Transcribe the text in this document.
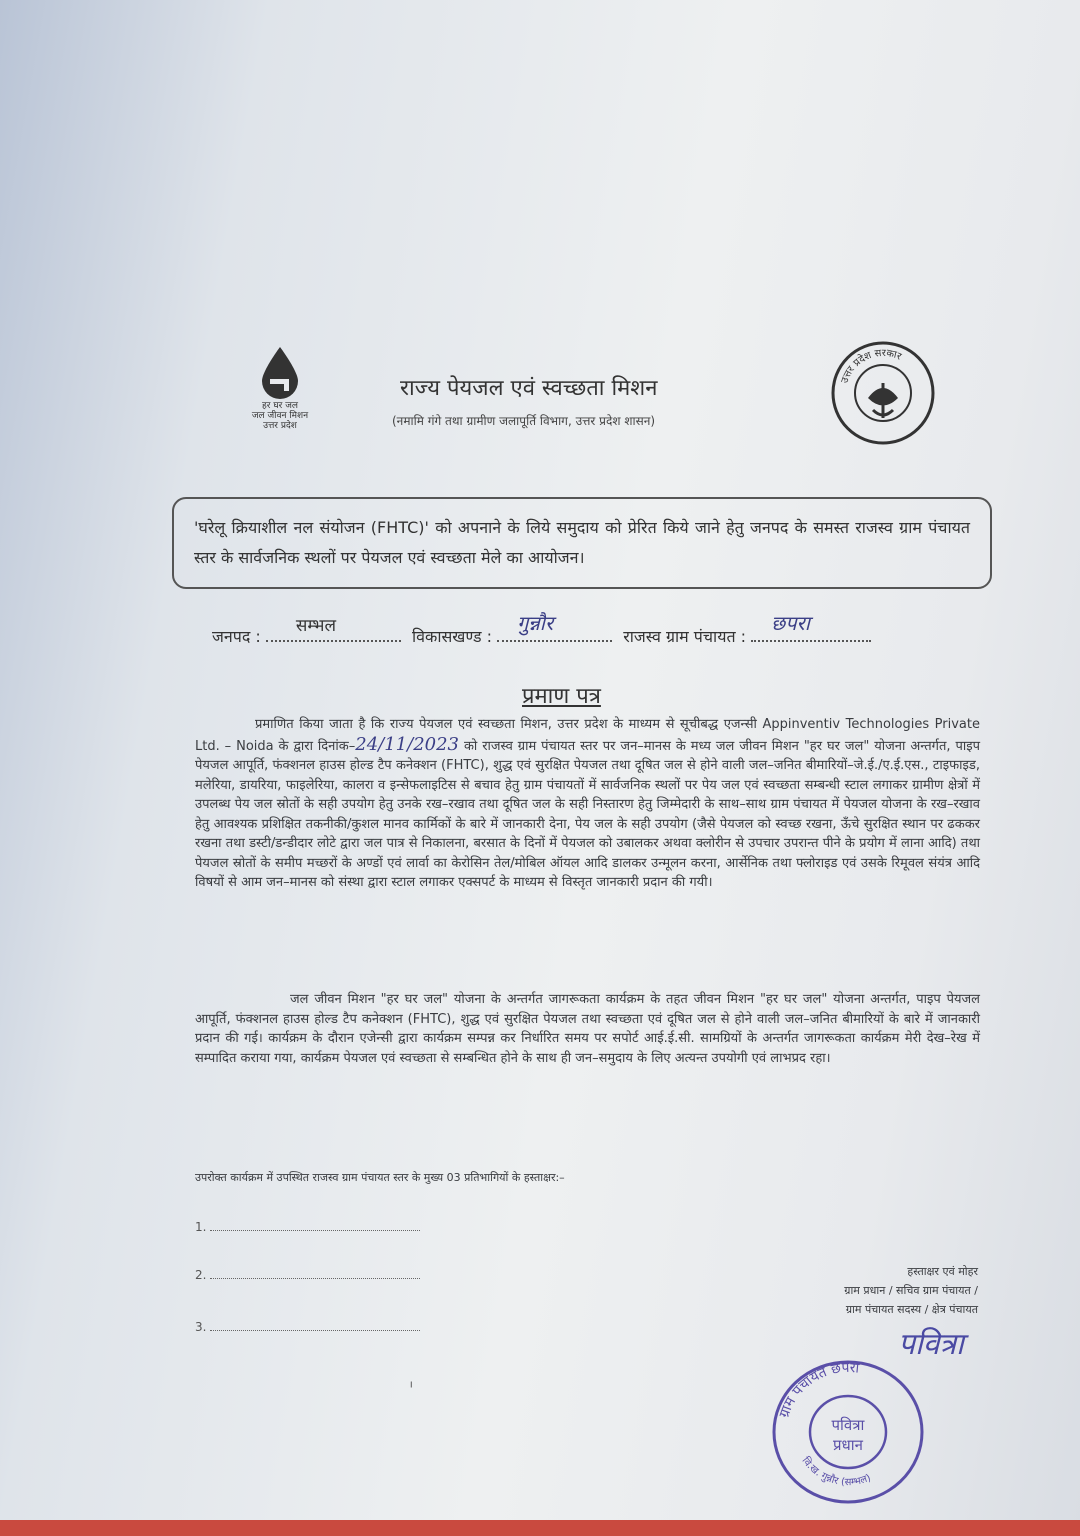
हर घर जल
जल जीवन मिशन
उत्तर प्रदेश
राज्य पेयजल एवं स्वच्छता मिशन
(नमामि गंगे तथा ग्रामीण जलापूर्ति विभाग, उत्तर प्रदेश शासन)
उत्तर प्रदेश सरकार
'घरेलू क्रियाशील नल संयोजन (FHTC)' को अपनाने के लिये समुदाय को प्रेरित किये जाने हेतु जनपद के समस्त राजस्व ग्राम पंचायत स्तर के सार्वजनिक स्थलों पर पेयजल एवं स्वच्छता मेले का आयोजन।
जनपद :
सम्भल
विकासखण्ड :
गुन्नौर
राजस्व ग्राम पंचायत :
छपरा
प्रमाण पत्र
प्रमाणित किया जाता है कि राज्य पेयजल एवं स्वच्छता मिशन, उत्तर प्रदेश के माध्यम से सूचीबद्ध एजन्सी Appinventiv Technologies Private Ltd. – Noida के द्वारा दिनांक–24/11/2023 को राजस्व ग्राम पंचायत स्तर पर जन–मानस के मध्य जल जीवन मिशन "हर घर जल" योजना अन्तर्गत, पाइप पेयजल आपूर्ति, फंक्शनल हाउस होल्ड टैप कनेक्शन (FHTC), शुद्ध एवं सुरक्षित पेयजल तथा दूषित जल से होने वाली जल–जनित बीमारियों–जे.ई./ए.ई.एस., टाइफाइड, मलेरिया, डायरिया, फाइलेरिया, कालरा व इन्सेफलाइटिस से बचाव हेतु ग्राम पंचायतों में सार्वजनिक स्थलों पर पेय जल एवं स्वच्छता सम्बन्धी स्टाल लगाकर ग्रामीण क्षेत्रों में उपलब्ध पेय जल स्रोतों के सही उपयोग हेतु उनके रख–रखाव तथा दूषित जल के सही निस्तारण हेतु जिम्मेदारी के साथ–साथ ग्राम पंचायत में पेयजल योजना के रख–रखाव हेतु आवश्यक प्रशिक्षित तकनीकी/कुशल मानव कार्मिकों के बारे में जानकारी देना, पेय जल के सही उपयोग (जैसे पेयजल को स्वच्छ रखना, ऊँचे सुरक्षित स्थान पर ढककर रखना तथा डस्टी/डन्डीदार लोटे द्वारा जल पात्र से निकालना, बरसात के दिनों में पेयजल को उबालकर अथवा क्लोरीन से उपचार उपरान्त पीने के प्रयोग में लाना आदि) तथा पेयजल स्रोतों के समीप मच्छरों के अण्डों एवं लार्वा का केरोसिन तेल/मोबिल ऑयल आदि डालकर उन्मूलन करना, आर्सेनिक तथा फ्लोराइड एवं उसके रिमूवल संयंत्र आदि विषयों से आम जन–मानस को संस्था द्वारा स्टाल लगाकर एक्सपर्ट के माध्यम से विस्तृत जानकारी प्रदान की गयी।
जल जीवन मिशन "हर घर जल" योजना के अन्तर्गत जागरूकता कार्यक्रम के तहत जीवन मिशन "हर घर जल" योजना अन्तर्गत, पाइप पेयजल आपूर्ति, फंक्शनल हाउस होल्ड टैप कनेक्शन (FHTC), शुद्ध एवं सुरक्षित पेयजल तथा स्वच्छता एवं दूषित जल से होने वाली जल–जनित बीमारियों के बारे में जानकारी प्रदान की गई। कार्यक्रम के दौरान एजेन्सी द्वारा कार्यक्रम सम्पन्न कर निर्धारित समय पर सपोर्ट आई.ई.सी. सामग्रियों के अन्तर्गत जागरूकता कार्यक्रम मेरी देख–रेख में सम्पादित कराया गया, कार्यक्रम पेयजल एवं स्वच्छता से सम्बन्धित होने के साथ ही जन–समुदाय के लिए अत्यन्त उपयोगी एवं लाभप्रद रहा।
उपरोक्त कार्यक्रम में उपस्थित राजस्व ग्राम पंचायत स्तर के मुख्य 03 प्रतिभागियों के हस्ताक्षर:–
1.
2.
3.
हस्ताक्षर एवं मोहर
ग्राम प्रधान / सचिव ग्राम पंचायत /
ग्राम पंचायत सदस्य / क्षेत्र पंचायत
पवित्रा
ग्राम पंचायत छपरा
वि.ख. गुन्नौर (सम्भल)
पवित्रा
प्रधान
ˡ
